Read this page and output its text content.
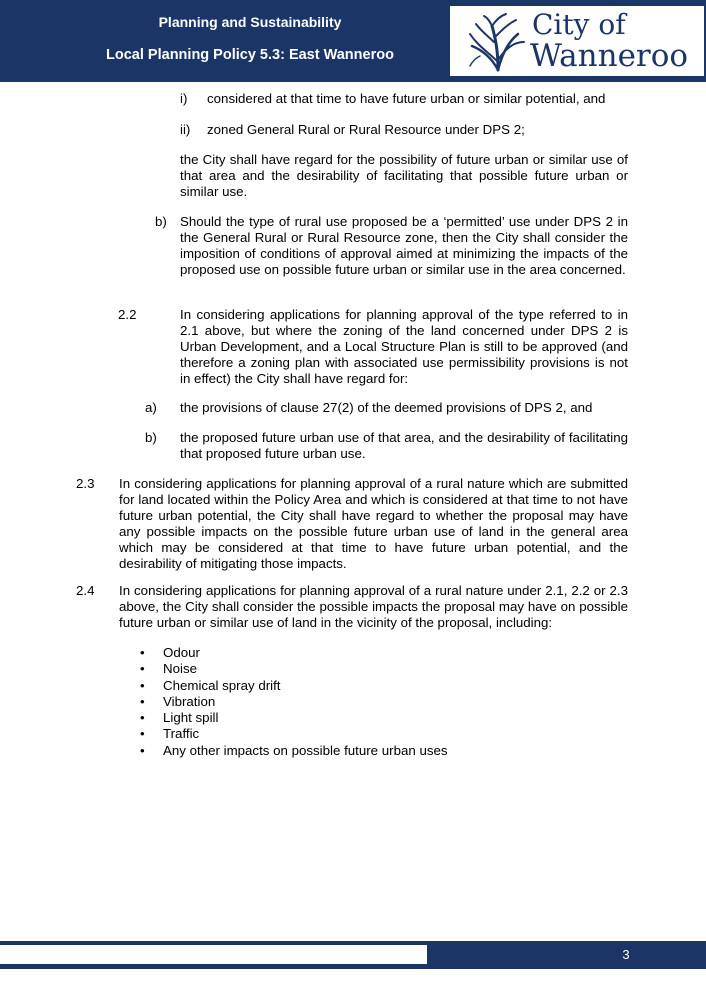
Planning and Sustainability
Local Planning Policy 5.3: East Wanneroo
City of
Wanneroo
i) considered at that time to have future urban or similar potential, and
ii) zoned General Rural or Rural Resource under DPS 2;
the City shall have regard for the possibility of future urban or similar use of that area and the desirability of facilitating that possible future urban or similar use.
b) Should the type of rural use proposed be a ‘permitted’ use under DPS 2 in the General Rural or Rural Resource zone, then the City shall consider the imposition of conditions of approval aimed at minimizing the impacts of the proposed use on possible future urban or similar use in the area concerned.
2.2	In considering applications for planning approval of the type referred to in 2.1 above, but where the zoning of the land concerned under DPS 2 is Urban Development, and a Local Structure Plan is still to be approved (and therefore a zoning plan with associated use permissibility provisions is not in effect) the City shall have regard for:
a) the provisions of clause 27(2) of the deemed provisions of DPS 2, and
b) the proposed future urban use of that area, and the desirability of facilitating that proposed future urban use.
2.3 In considering applications for planning approval of a rural nature which are submitted for land located within the Policy Area and which is considered at that time to not have future urban potential, the City shall have regard to whether the proposal may have any possible impacts on the possible future urban use of land in the general area which may be considered at that time to have future urban potential, and the desirability of mitigating those impacts.
2.4 In considering applications for planning approval of a rural nature under 2.1, 2.2 or 2.3 above, the City shall consider the possible impacts the proposal may have on possible future urban or similar use of land in the vicinity of the proposal, including:
• Odour
• Noise
• Chemical spray drift
• Vibration
• Light spill
• Traffic
• Any other impacts on possible future urban uses
3
